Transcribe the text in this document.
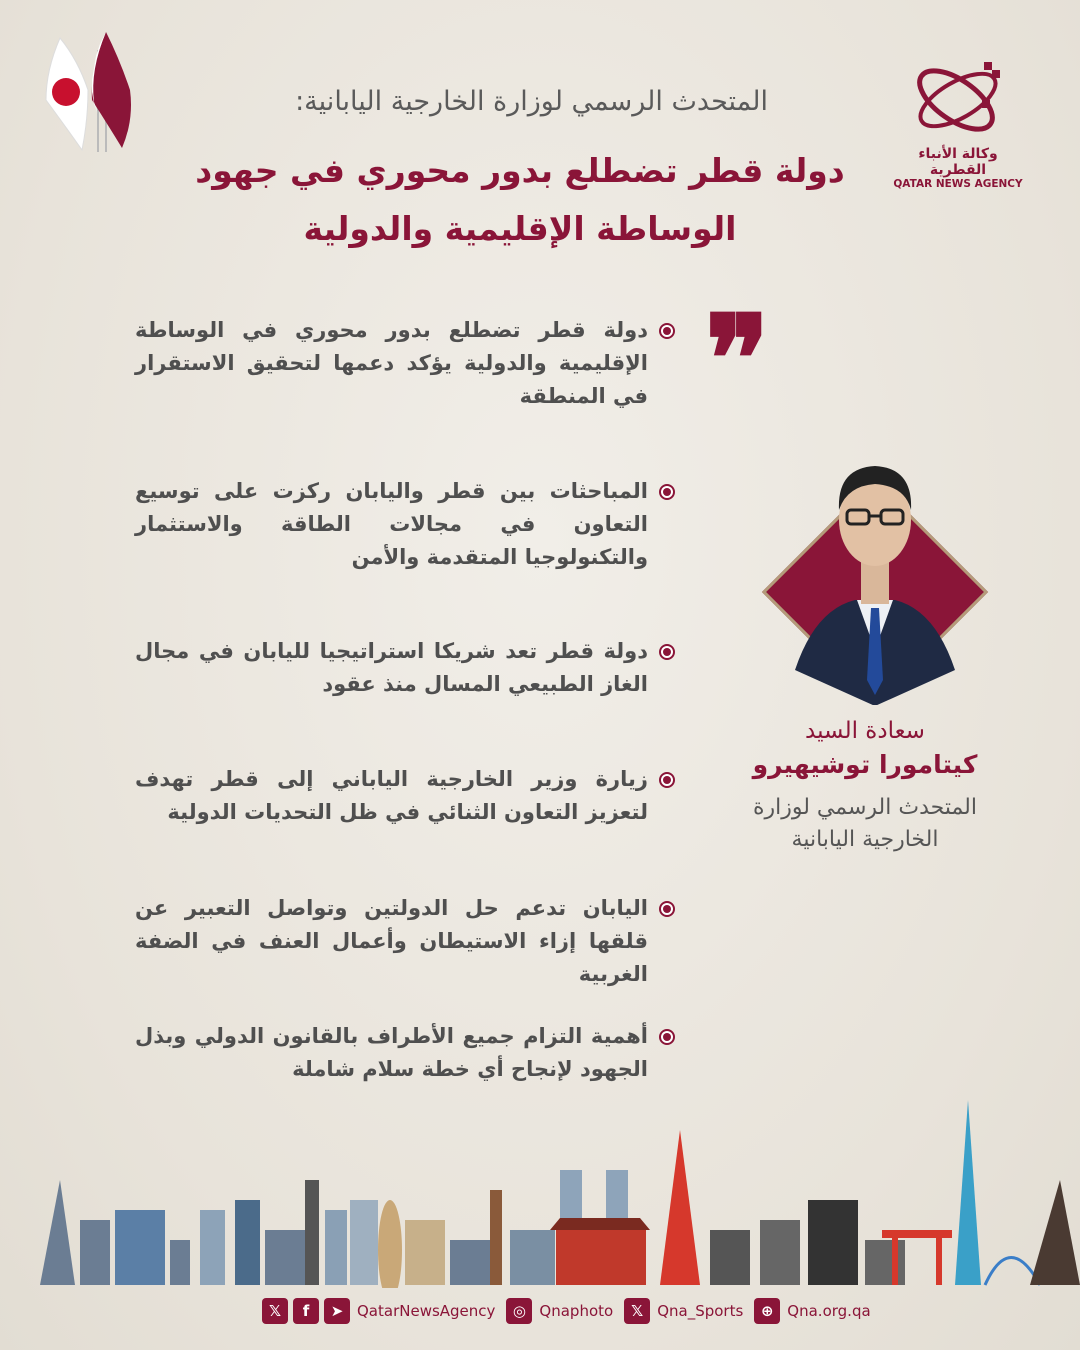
وكالة الأنباء القطرية
QATAR NEWS AGENCY
المتحدث الرسمي لوزارة الخارجية اليابانية:
دولة قطر تضطلع بدور محوري في جهود الوساطة الإقليمية والدولية
❞
دولة قطر تضطلع بدور محوري في الوساطة الإقليمية والدولية يؤكد دعمها لتحقيق الاستقرار في المنطقة
المباحثات بين قطر واليابان ركزت على توسيع التعاون في مجالات الطاقة والاستثمار والتكنولوجيا المتقدمة والأمن
دولة قطر تعد شريكا استراتيجيا لليابان في مجال الغاز الطبيعي المسال منذ عقود
زيارة وزير الخارجية الياباني إلى قطر تهدف لتعزيز التعاون الثنائي في ظل التحديات الدولية
اليابان تدعم حل الدولتين وتواصل التعبير عن قلقها إزاء الاستيطان وأعمال العنف في الضفة الغربية
أهمية التزام جميع الأطراف بالقانون الدولي وبذل الجهود لإنجاح أي خطة سلام شاملة
سعادة السيد
كيتامورا توشيهيرو
المتحدث الرسمي لوزارة الخارجية اليابانية
𝕏	f	➤ QatarNewsAgency	◎ Qnaphoto	𝕏 Qna_Sports	⊕ Qna.org.qa
